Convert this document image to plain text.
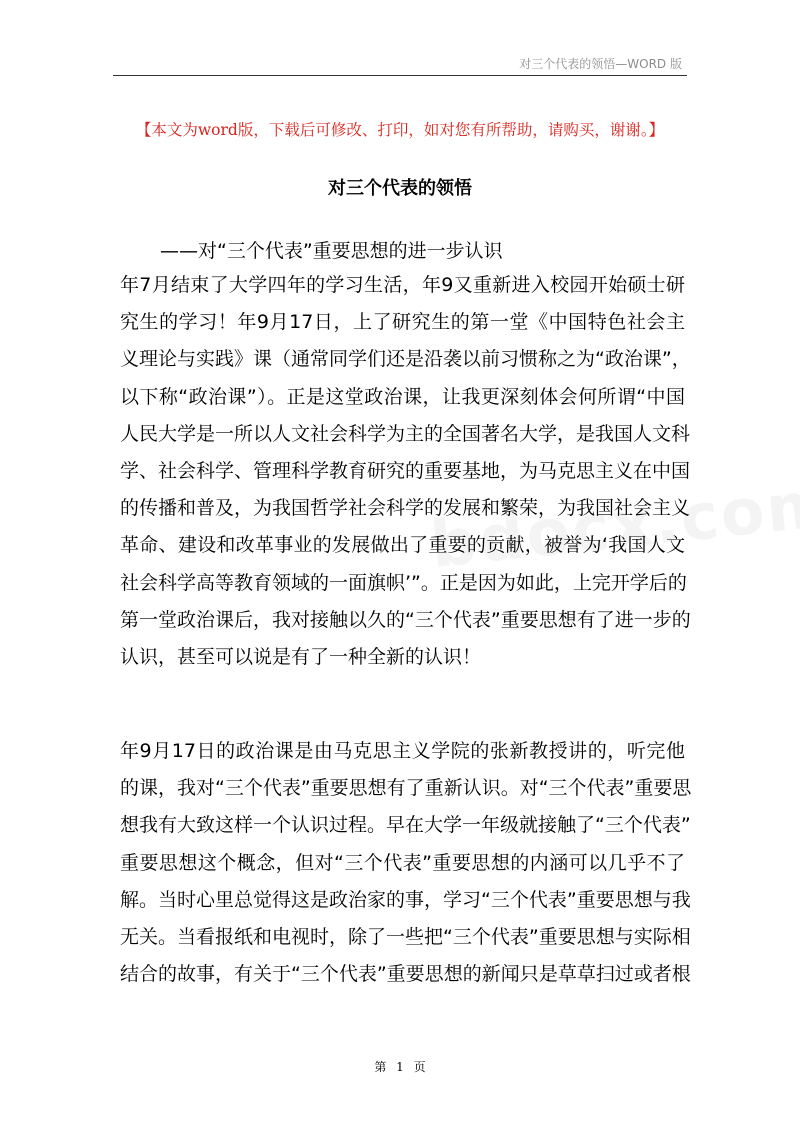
对三个代表的领悟—WORD 版
【本文为word版，下载后可修改、打印，如对您有所帮助，请购买，谢谢。】
对三个代表的领悟
——对“三个代表”重要思想的进一步认识
年7月结束了大学四年的学习生活，年9又重新进入校园开始硕士研
究生的学习！年9月17日，上了研究生的第一堂《中国特色社会主
义理论与实践》课（通常同学们还是沿袭以前习惯称之为“政治课”，
以下称“政治课”）。正是这堂政治课，让我更深刻体会何所谓“中国
人民大学是一所以人文社会科学为主的全国著名大学，是我国人文科
学、社会科学、管理科学教育研究的重要基地，为马克思主义在中国
的传播和普及，为我国哲学社会科学的发展和繁荣，为我国社会主义
革命、建设和改革事业的发展做出了重要的贡献，被誉为‘我国人文
社会科学高等教育领域的一面旗帜’”。正是因为如此，上完开学后的
第一堂政治课后，我对接触以久的“三个代表”重要思想有了进一步的
认识，甚至可以说是有了一种全新的认识！
年9月17日的政治课是由马克思主义学院的张新教授讲的，听完他
的课，我对“三个代表”重要思想有了重新认识。对“三个代表”重要思
想我有大致这样一个认识过程。早在大学一年级就接触了“三个代表”
重要思想这个概念，但对“三个代表”重要思想的内涵可以几乎不了
解。当时心里总觉得这是政治家的事，学习“三个代表”重要思想与我
无关。当看报纸和电视时，除了一些把“三个代表”重要思想与实际相
结合的故事，有关于“三个代表”重要思想的新闻只是草草扫过或者根
第 1 页
